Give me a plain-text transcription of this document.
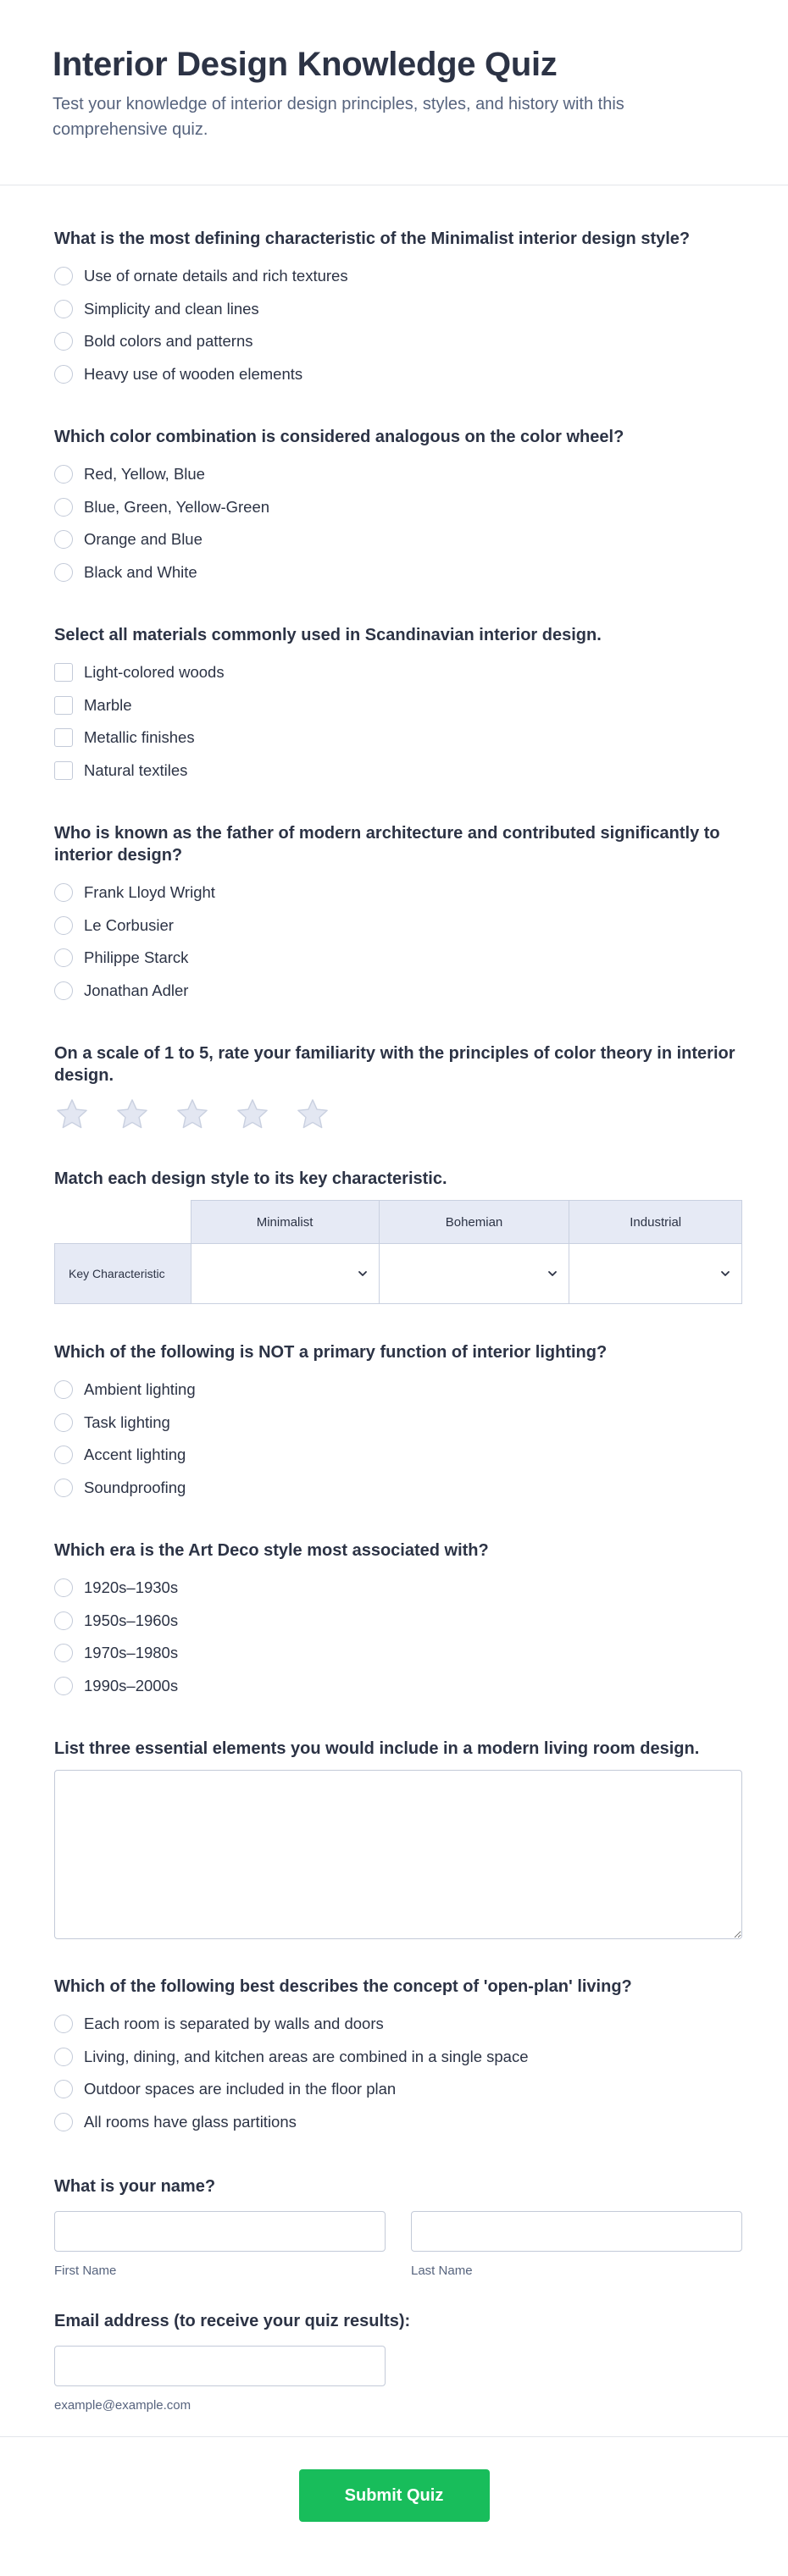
Interior Design Knowledge Quiz

Test your knowledge of interior design principles, styles, and history with this comprehensive quiz.

What is the most defining characteristic of the Minimalist interior design style?
Use of ornate details and rich textures
Simplicity and clean lines
Bold colors and patterns
Heavy use of wooden elements
Which color combination is considered analogous on the color wheel?
Red, Yellow, Blue
Blue, Green, Yellow-Green
Orange and Blue
Black and White
Select all materials commonly used in Scandinavian interior design.
Light-colored woods
Marble
Metallic finishes
Natural textiles
Who is known as the father of modern architecture and contributed significantly to interior design?
Frank Lloyd Wright
Le Corbusier
Philippe Starck
Jonathan Adler
On a scale of 1 to 5, rate your familiarity with the principles of color theory in interior design.
Match each design style to its key characteristic.
	Minimalist	Bohemian	Industrial
Key Characteristic	

Which of the following is NOT a primary function of interior lighting?
Ambient lighting
Task lighting
Accent lighting
Soundproofing
Which era is the Art Deco style most associated with?
1920s–1930s
1950s–1960s
1970s–1980s
1990s–2000s
List three essential elements you would include in a modern living room design.
Which of the following best describes the concept of 'open-plan' living?
Each room is separated by walls and doors
Living, dining, and kitchen areas are combined in a single space
Outdoor spaces are included in the floor plan
All rooms have glass partitions
What is your name?
First Name	Last Name
Email address (to receive your quiz results):
example@example.com
Submit Quiz
